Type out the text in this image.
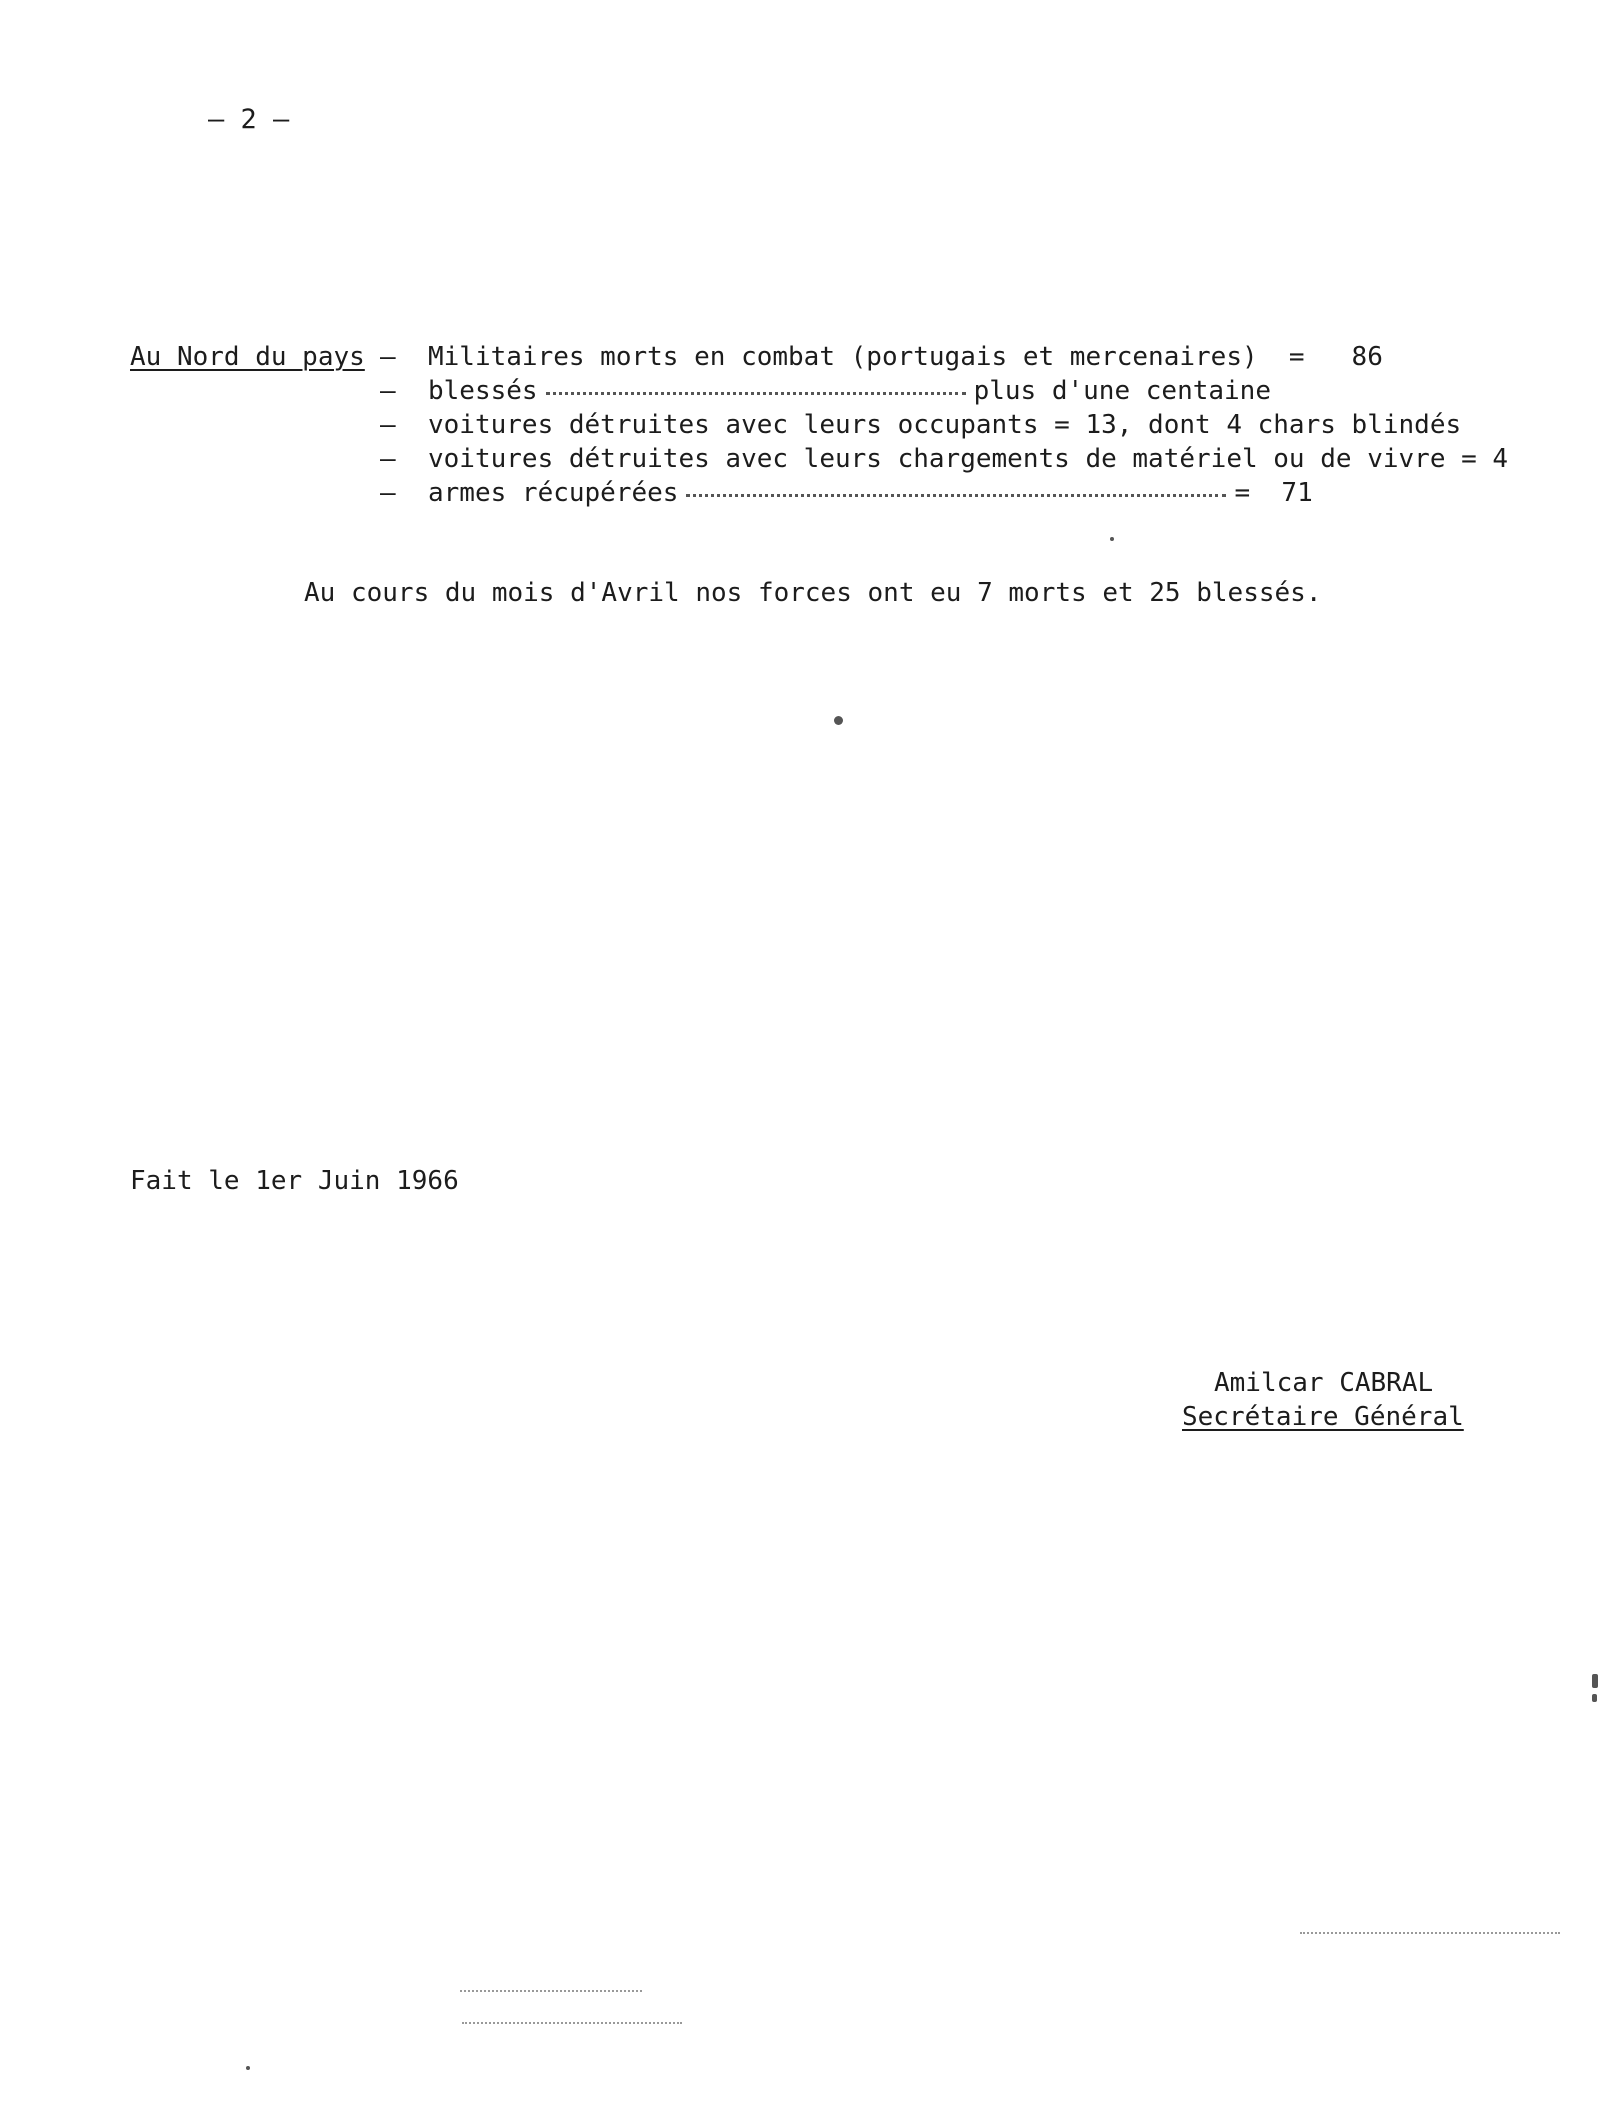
– 2 –
Au Nord du pays –	Militaires morts en combat (portugais et mercenaires)  =   86
–	blessés	plus d'une centaine
–	voitures détruites avec leurs occupants = 13, dont 4 chars blindés
–	voitures détruites avec leurs chargements de matériel ou de vivre = 4
–	armes récupérées	=  71
Au cours du mois d'Avril nos forces ont eu 7 morts et 25 blessés.
Fait le 1er Juin 1966
Amilcar CABRAL
Secrétaire Général
